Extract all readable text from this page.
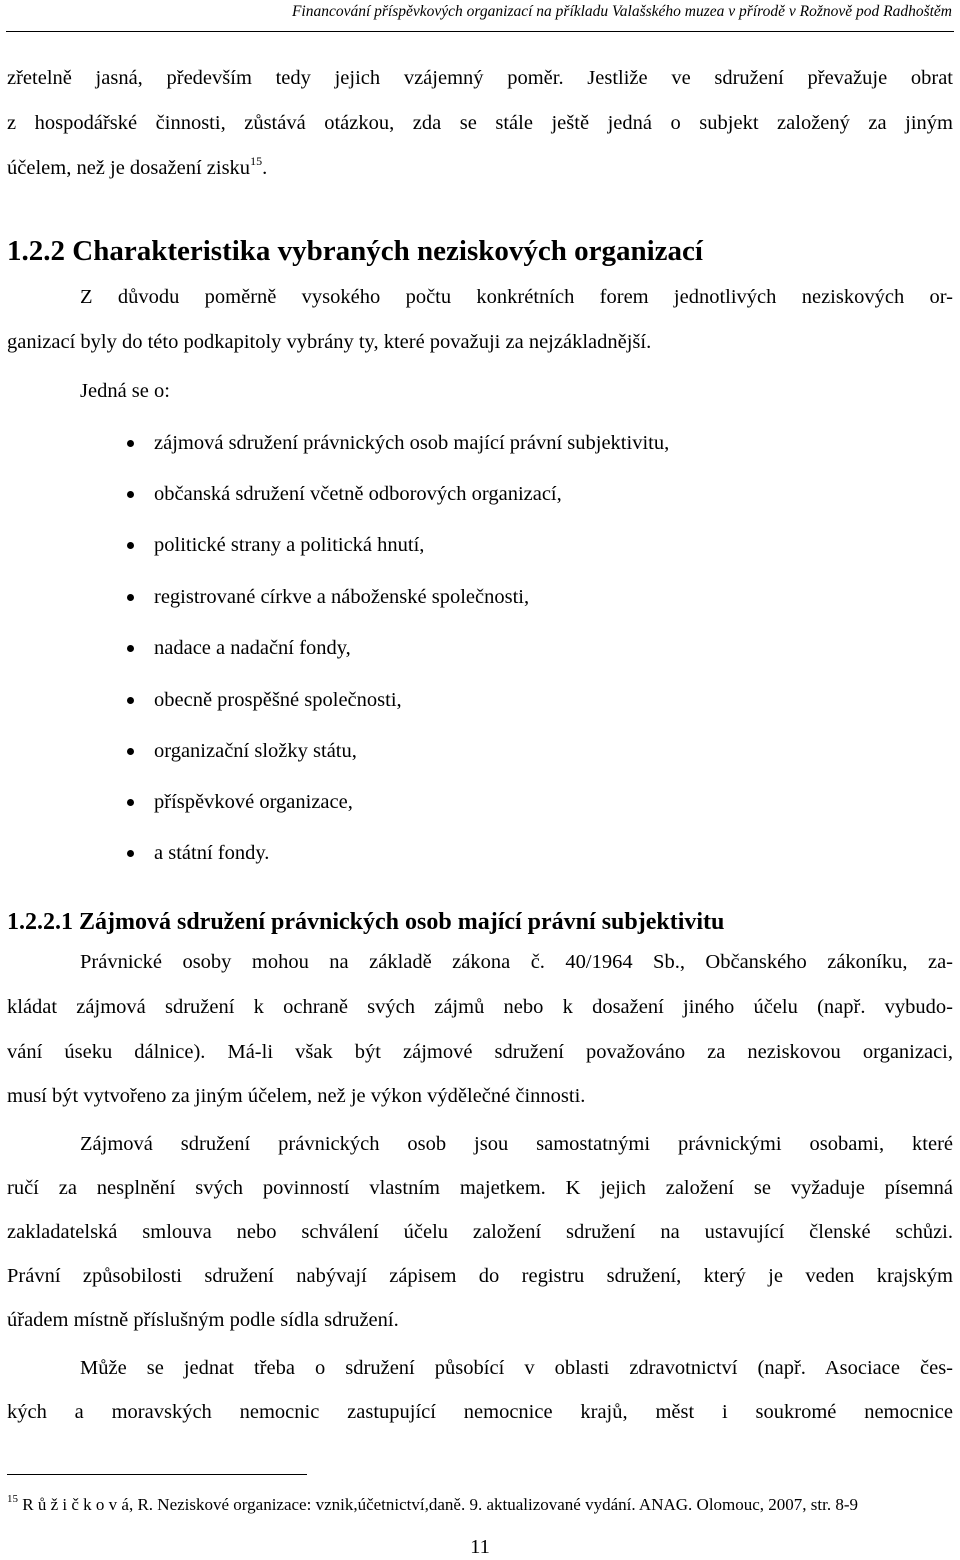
Financování příspěvkových organizací na příkladu Valašského muzea v přírodě v Rožnově pod Radhoštěm

zřetelně jasná, především tedy jejich vzájemný poměr. Jestliže ve sdružení převažuje obrat

z hospodářské činnosti, zůstává otázkou, zda se stále ještě jedná o subjekt založený za jiným

účelem, než je dosažení zisku$^{15}$.

1.2.2 Charakteristika vybraných neziskových organizací

Z důvodu poměrně vysokého počtu konkrétních forem jednotlivých neziskových or-

ganizací byly do této podkapitoly vybrány ty, které považuji za nejzákladnější.

Jedná se o:

zájmová sdružení právnických osob mající právní subjektivitu,

občanská sdružení včetně odborových organizací,

politické strany a politická hnutí,

registrované církve a náboženské společnosti,

nadace a nadační fondy,

obecně prospěšné společnosti,

organizační složky státu,

příspěvkové organizace,

a státní fondy.

1.2.2.1 Zájmová sdružení právnických osob mající právní subjektivitu

Právnické osoby mohou na základě zákona č. 40/1964 Sb., Občanského zákoníku, za-

kládat zájmová sdružení k ochraně svých zájmů nebo k dosažení jiného účelu (např. vybudo-

vání úseku dálnice). Má-li však být zájmové sdružení považováno za neziskovou organizaci,

musí být vytvořeno za jiným účelem, než je výkon výdělečné činnosti.

Zájmová sdružení právnických osob jsou samostatnými právnickými osobami, které

ručí za nesplnění svých povinností vlastním majetkem. K jejich založení se vyžaduje písemná

zakladatelská smlouva nebo schválení účelu založení sdružení na ustavující členské schůzi.

Právní způsobilosti sdružení nabývají zápisem do registru sdružení, který je veden krajským

úřadem místně příslušným podle sídla sdružení.

Může se jednat třeba o sdružení působící v oblasti zdravotnictví (např. Asociace čes-

kých a moravských nemocnic zastupující nemocnice krajů, měst i soukromé nemocnice

$^{15}$ R ů ž i č k o v á, R. Neziskové organizace: vznik,účetnictví,daně. 9. aktualizované vydání. ANAG. Olomouc, 2007, str. 8-9

11
